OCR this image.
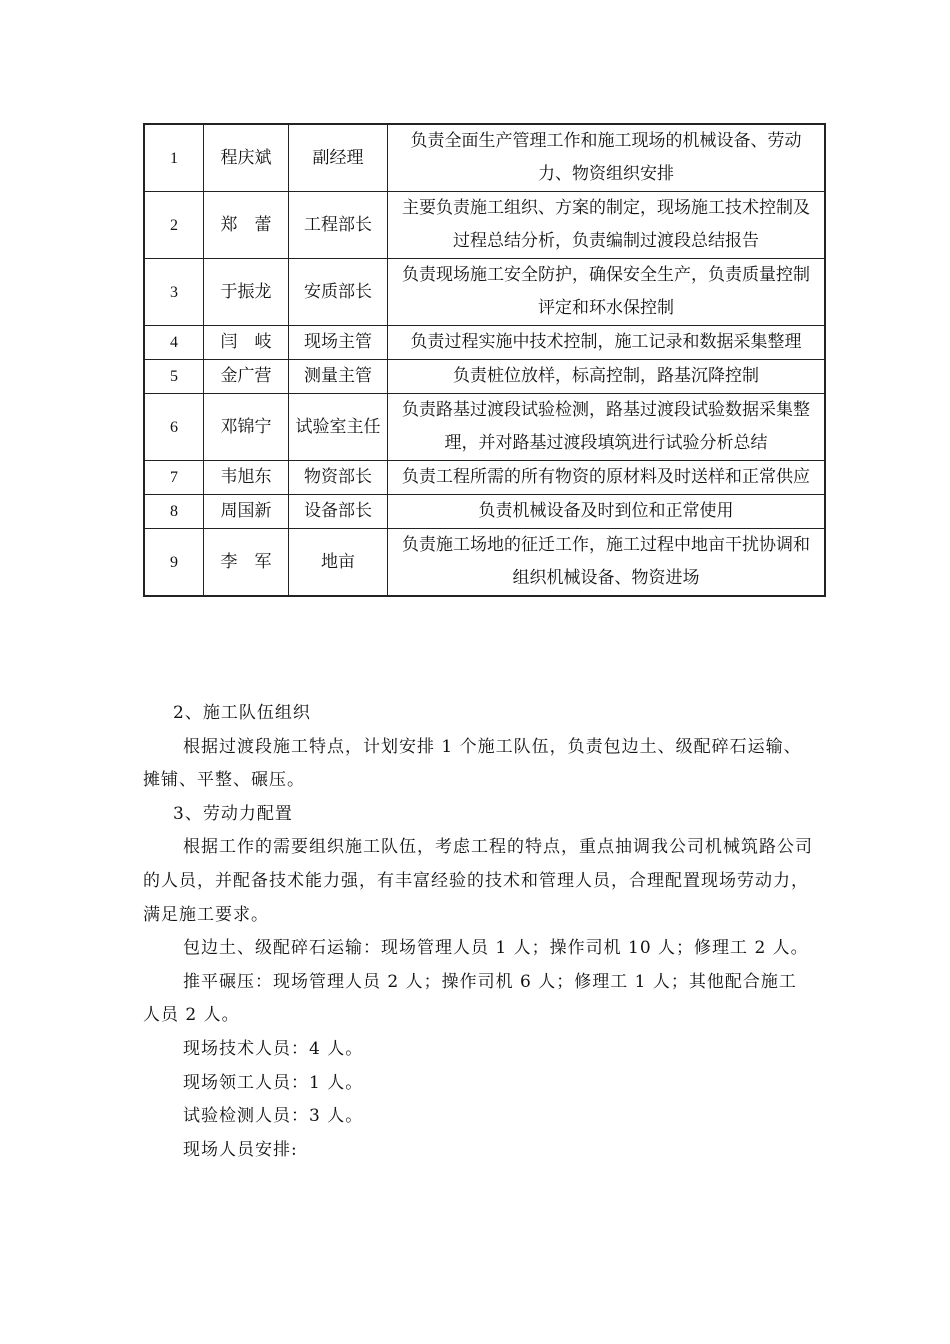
1	程庆斌	副经理	负责全面生产管理工作和施工现场的机械设备、劳动力、物资组织安排
2	郑　蕾	工程部长	主要负责施工组织、方案的制定，现场施工技术控制及过程总结分析，负责编制过渡段总结报告
3	于振龙	安质部长	负责现场施工安全防护，确保安全生产，负责质量控制评定和环水保控制
4	闫　岐	现场主管	负责过程实施中技术控制，施工记录和数据采集整理
5	金广营	测量主管	负责桩位放样，标高控制，路基沉降控制
6	邓锦宁	试验室主任	负责路基过渡段试验检测，路基过渡段试验数据采集整理，并对路基过渡段填筑进行试验分析总结
7	韦旭东	物资部长	负责工程所需的所有物资的原材料及时送样和正常供应
8	周国新	设备部长	负责机械设备及时到位和正常使用
9	李　军	地亩	负责施工场地的征迁工作，施工过程中地亩干扰协调和组织机械设备、物资进场

2、施工队伍组织

根据过渡段施工特点，计划安排 1 个施工队伍，负责包边土、级配碎石运输、摊铺、平整、碾压。

3、劳动力配置

根据工作的需要组织施工队伍，考虑工程的特点，重点抽调我公司机械筑路公司的人员，并配备技术能力强，有丰富经验的技术和管理人员，合理配置现场劳动力，满足施工要求。

包边土、级配碎石运输：现场管理人员 1 人；操作司机 10 人；修理工 2 人。

推平碾压：现场管理人员 2 人；操作司机 6 人；修理工 1 人；其他配合施工人员 2 人。

现场技术人员：4 人。

现场领工人员：1 人。

试验检测人员：3 人。

现场人员安排:
